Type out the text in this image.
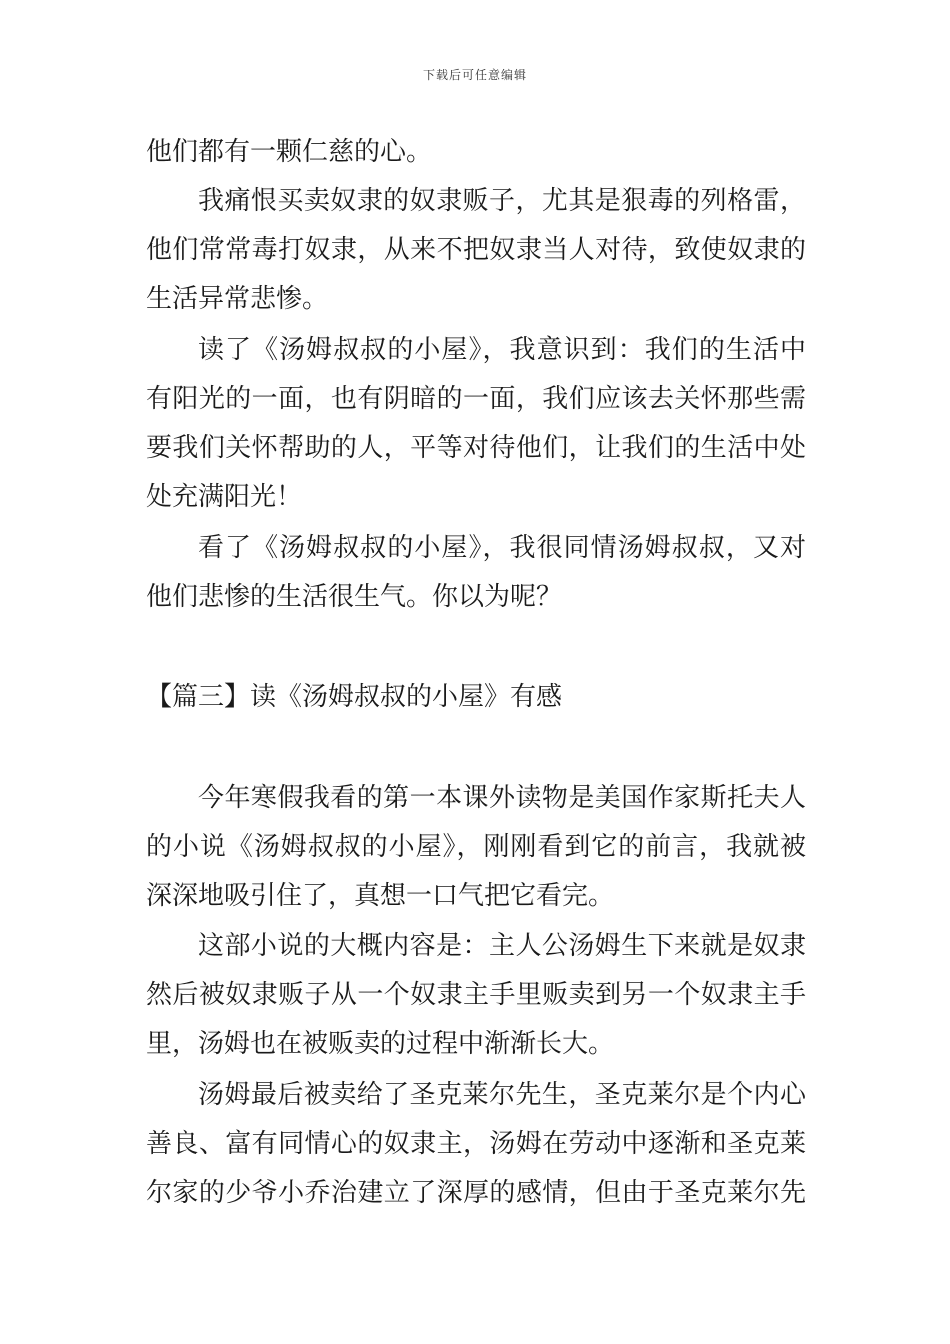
下载后可任意编辑
他们都有一颗仁慈的心。
我痛恨买卖奴隶的奴隶贩子，尤其是狠毒的列格雷，
他们常常毒打奴隶，从来不把奴隶当人对待，致使奴隶的
生活异常悲惨。
读了《汤姆叔叔的小屋》，我意识到：我们的生活中
有阳光的一面，也有阴暗的一面，我们应该去关怀那些需
要我们关怀帮助的人，平等对待他们，让我们的生活中处
处充满阳光！
看了《汤姆叔叔的小屋》，我很同情汤姆叔叔，又对
他们悲惨的生活很生气。你以为呢？
【篇三】读《汤姆叔叔的小屋》有感
今年寒假我看的第一本课外读物是美国作家斯托夫人
的小说《汤姆叔叔的小屋》，刚刚看到它的前言，我就被
深深地吸引住了，真想一口气把它看完。
这部小说的大概内容是：主人公汤姆生下来就是奴隶
然后被奴隶贩子从一个奴隶主手里贩卖到另一个奴隶主手
里，汤姆也在被贩卖的过程中渐渐长大。
汤姆最后被卖给了圣克莱尔先生，圣克莱尔是个内心
善良、富有同情心的奴隶主，汤姆在劳动中逐渐和圣克莱
尔家的少爷小乔治建立了深厚的感情，但由于圣克莱尔先
